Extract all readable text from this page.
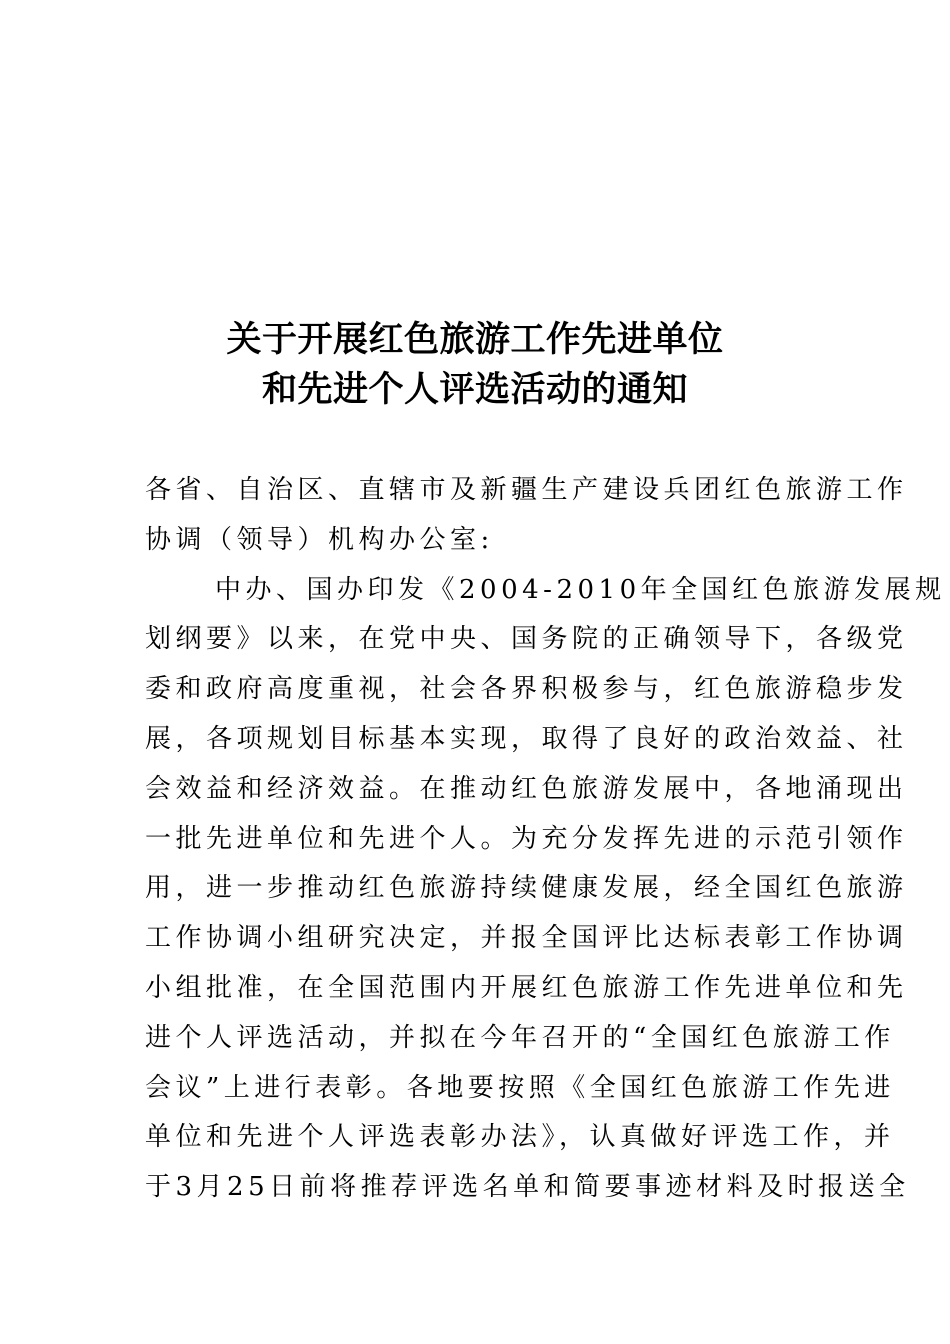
关于开展红色旅游工作先进单位
和先进个人评选活动的通知
各省、自治区、直辖市及新疆生产建设兵团红色旅游工作
协调（领导）机构办公室:
中办、国办印发《2004-2010年全国红色旅游发展规
划纲要》以来，在党中央、国务院的正确领导下，各级党
委和政府高度重视，社会各界积极参与，红色旅游稳步发
展，各项规划目标基本实现，取得了良好的政治效益、社
会效益和经济效益。在推动红色旅游发展中，各地涌现出
一批先进单位和先进个人。为充分发挥先进的示范引领作
用，进一步推动红色旅游持续健康发展，经全国红色旅游
工作协调小组研究决定，并报全国评比达标表彰工作协调
小组批准，在全国范围内开展红色旅游工作先进单位和先
进个人评选活动，并拟在今年召开的“全国红色旅游工作
会议”上进行表彰。各地要按照《全国红色旅游工作先进
单位和先进个人评选表彰办法》，认真做好评选工作，并
于3月25日前将推荐评选名单和简要事迹材料及时报送全
